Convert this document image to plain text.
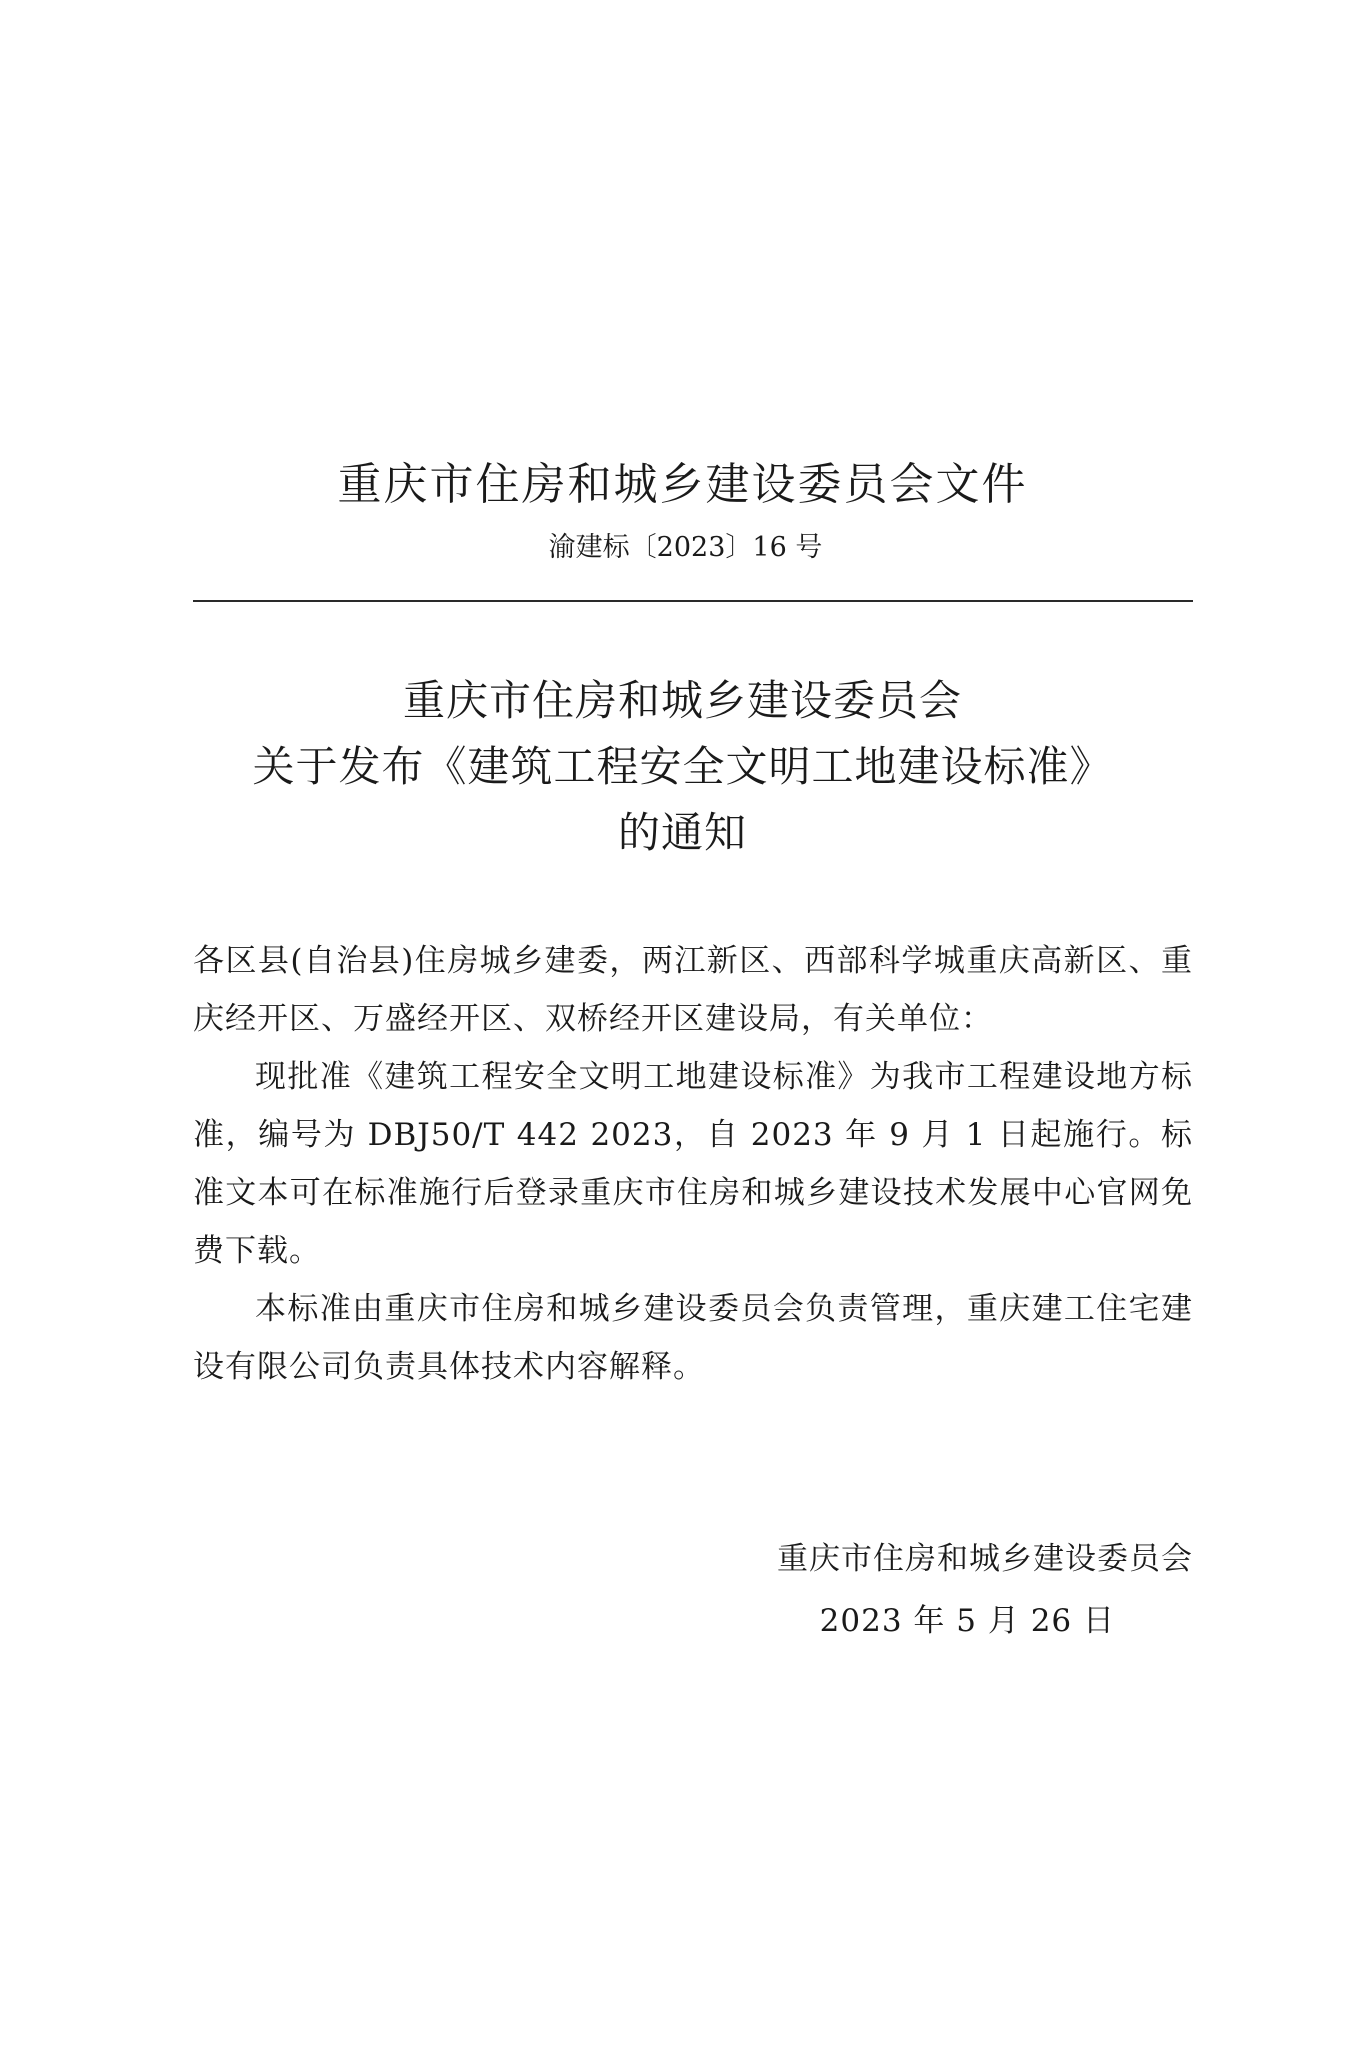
重庆市住房和城乡建设委员会文件
渝建标〔2023〕16 号
重庆市住房和城乡建设委员会
关于发布《建筑工程安全文明工地建设标准》
的通知

各区县(自治县)住房城乡建委，两江新区、西部科学城重庆高新区、重庆经开区、万盛经开区、双桥经开区建设局，有关单位：

现批准《建筑工程安全文明工地建设标准》为我市工程建设地方标准，编号为 DBJ50/T 442 2023，自 2023 年 9 月 1 日起施行。标准文本可在标准施行后登录重庆市住房和城乡建设技术发展中心官网免费下载。

本标准由重庆市住房和城乡建设委员会负责管理，重庆建工住宅建设有限公司负责具体技术内容解释。

重庆市住房和城乡建设委员会
2023 年 5 月 26 日
